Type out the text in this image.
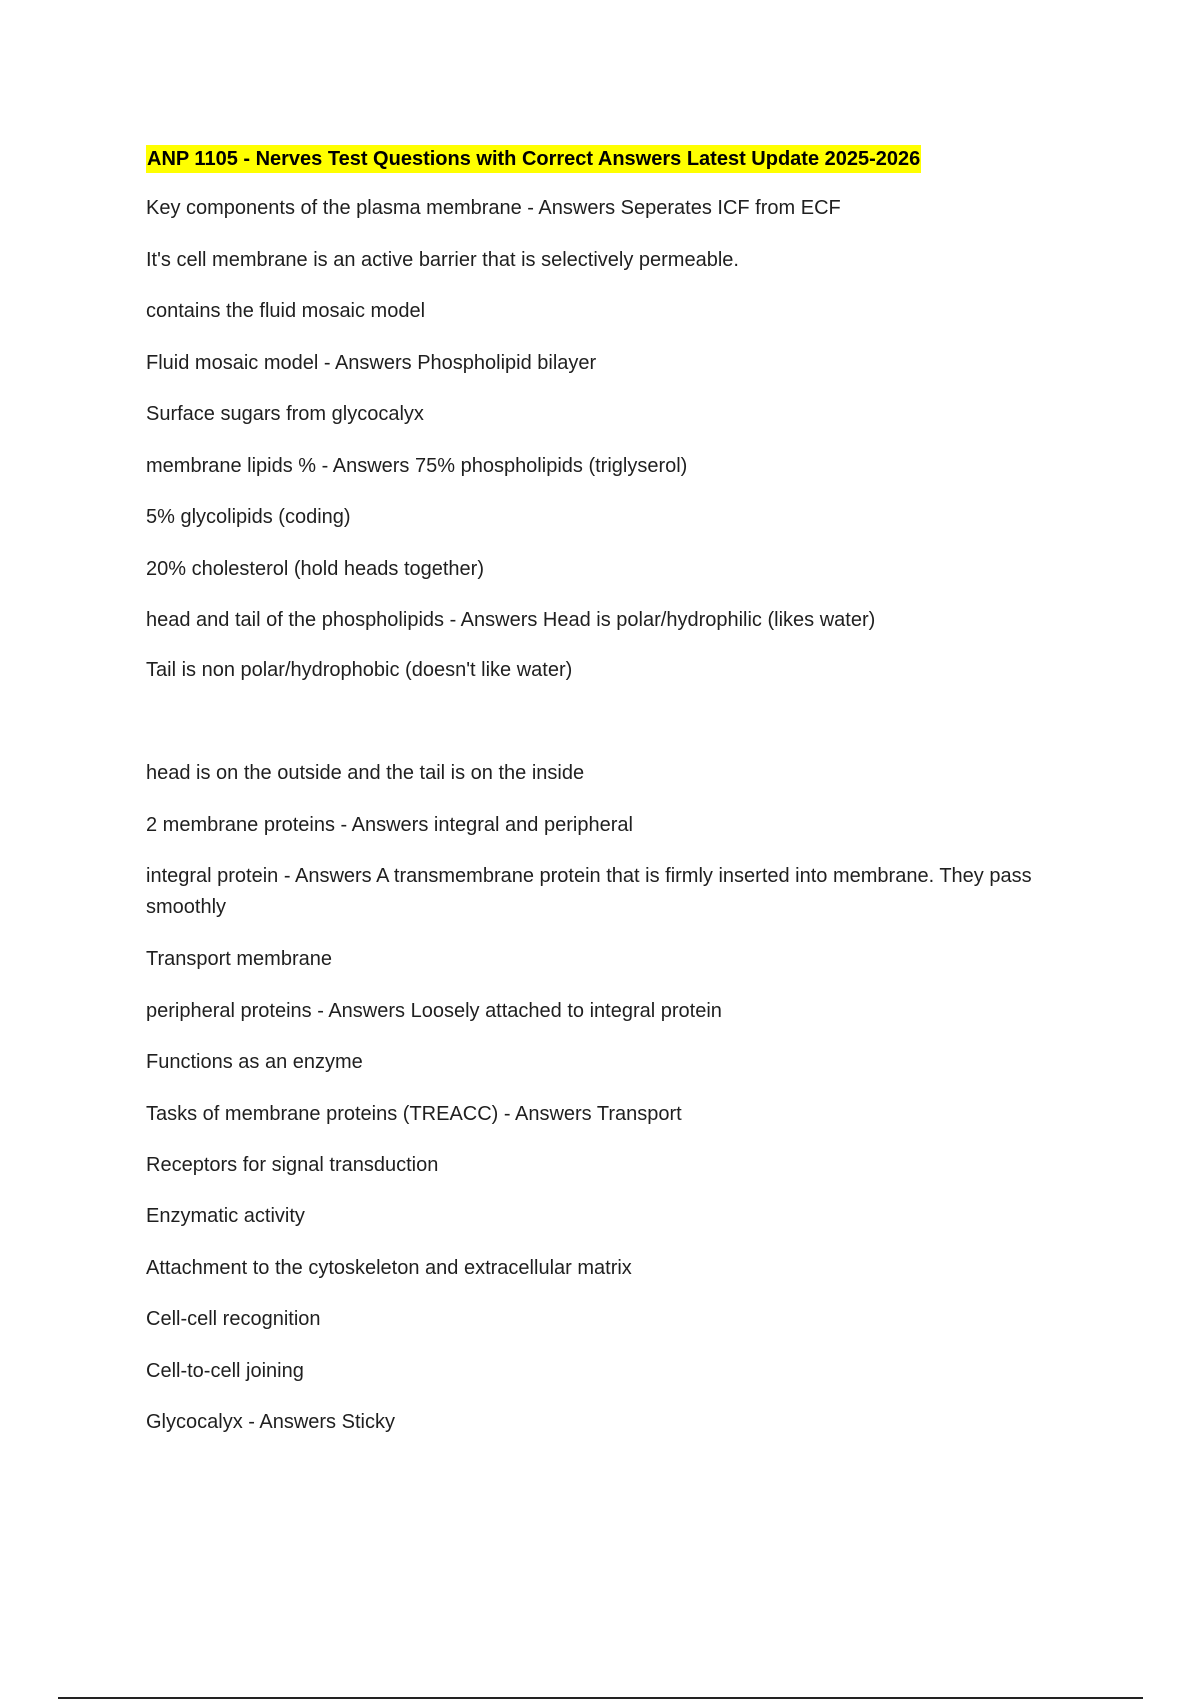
ANP 1105 - Nerves Test Questions with Correct Answers Latest Update 2025-2026
Key components of the plasma membrane - Answers Seperates ICF from ECF
It's cell membrane is an active barrier that is selectively permeable.
contains the fluid mosaic model
Fluid mosaic model - Answers Phospholipid bilayer
Surface sugars from glycocalyx
membrane lipids % - Answers 75% phospholipids (triglyserol)
5% glycolipids (coding)
20% cholesterol (hold heads together)
head and tail of the phospholipids - Answers Head is polar/hydrophilic (likes water)
Tail is non polar/hydrophobic (doesn't like water)
head is on the outside and the tail is on the inside
2 membrane proteins - Answers integral and peripheral
integral protein - Answers A transmembrane protein that is firmly inserted into membrane. They pass smoothly
Transport membrane
peripheral proteins - Answers Loosely attached to integral protein
Functions as an enzyme
Tasks of membrane proteins (TREACC) - Answers Transport
Receptors for signal transduction
Enzymatic activity
Attachment to the cytoskeleton and extracellular matrix
Cell-cell recognition
Cell-to-cell joining
Glycocalyx - Answers Sticky
